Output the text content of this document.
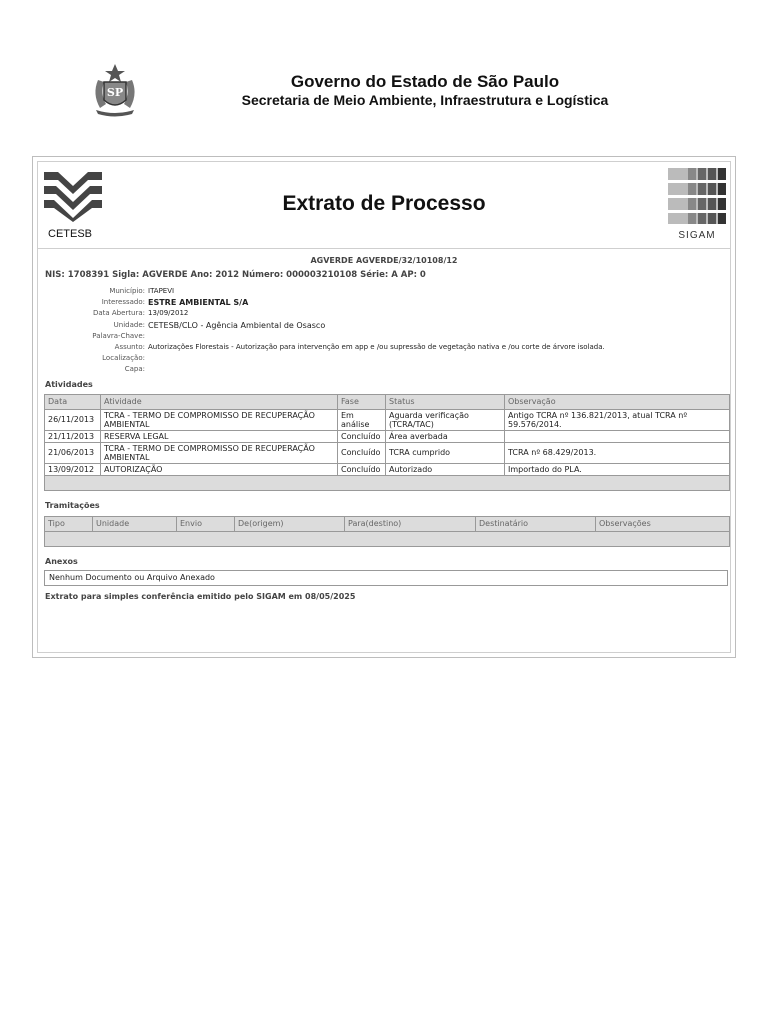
SP
Governo do Estado de São Paulo
Secretaria de Meio Ambiente, Infraestrutura e Logística
CETESB
Extrato de Processo
SIGAM
AGVERDE AGVERDE/32/10108/12
NIS: 1708391 Sigla: AGVERDE Ano: 2012 Número: 000003210108 Série: A AP: 0
Município: ITAPEVI
Interessado: ESTRE AMBIENTAL S/A
Data Abertura: 13/09/2012
Unidade: CETESB/CLO - Agência Ambiental de Osasco
Palavra-Chave:
Assunto: Autorizações Florestais - Autorização para intervenção em app e /ou supressão de vegetação nativa e /ou corte de árvore isolada.
Localização:
Capa:
Atividades
Data	Atividade	Fase	Status	Observação
26/11/2013	TCRA - TERMO DE COMPROMISSO DE RECUPERAÇÃO AMBIENTAL	Em análise	Aguarda verificação (TCRA/TAC)	Antigo TCRA nº 136.821/2013, atual TCRA nº 59.576/2014.
21/11/2013	RESERVA LEGAL	Concluído	Área averbada	
21/06/2013	TCRA - TERMO DE COMPROMISSO DE RECUPERAÇÃO AMBIENTAL	Concluído	TCRA cumprido	TCRA nº 68.429/2013.
13/09/2012	AUTORIZAÇÃO	Concluído	Autorizado	Importado do PLA.

Tramitações
Tipo	Unidade	Envio	De(origem)	Para(destino)	Destinatário	Observações

Anexos
Nenhum Documento ou Arquivo Anexado
Extrato para simples conferência emitido pelo SIGAM em 08/05/2025
